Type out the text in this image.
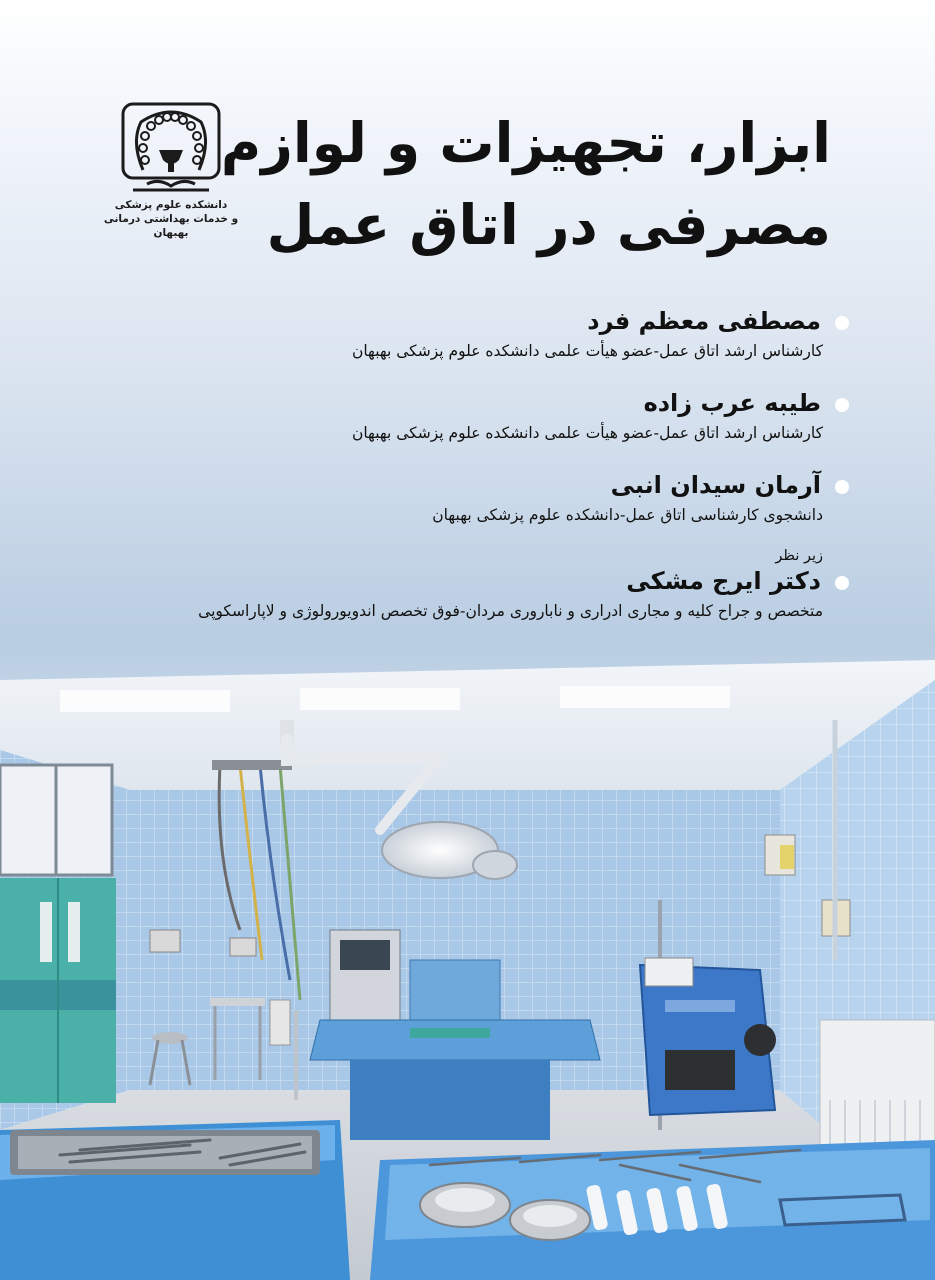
دانشکده علوم پزشکی
و خدمات بهداشتی درمانی بهبهان
ابزار، تجهیزات و لوازم
مصرفی در اتاق عمل
مصطفی معظم فرد
کارشناس ارشد اتاق عمل-عضو هیأت علمی دانشکده علوم پزشکی بهبهان
طیبه عرب زاده
کارشناس ارشد اتاق عمل-عضو هیأت علمی دانشکده علوم پزشکی بهبهان
آرمان سیدان انبی
دانشجوی کارشناسی اتاق عمل-دانشکده علوم پزشکی بهبهان
زیر نظر
دکتر ایرج مشکی
متخصص و جراح کلیه و مجاری ادراری و ناباروری مردان-فوق تخصص اندویورولوژی و لاپاراسکوپی
